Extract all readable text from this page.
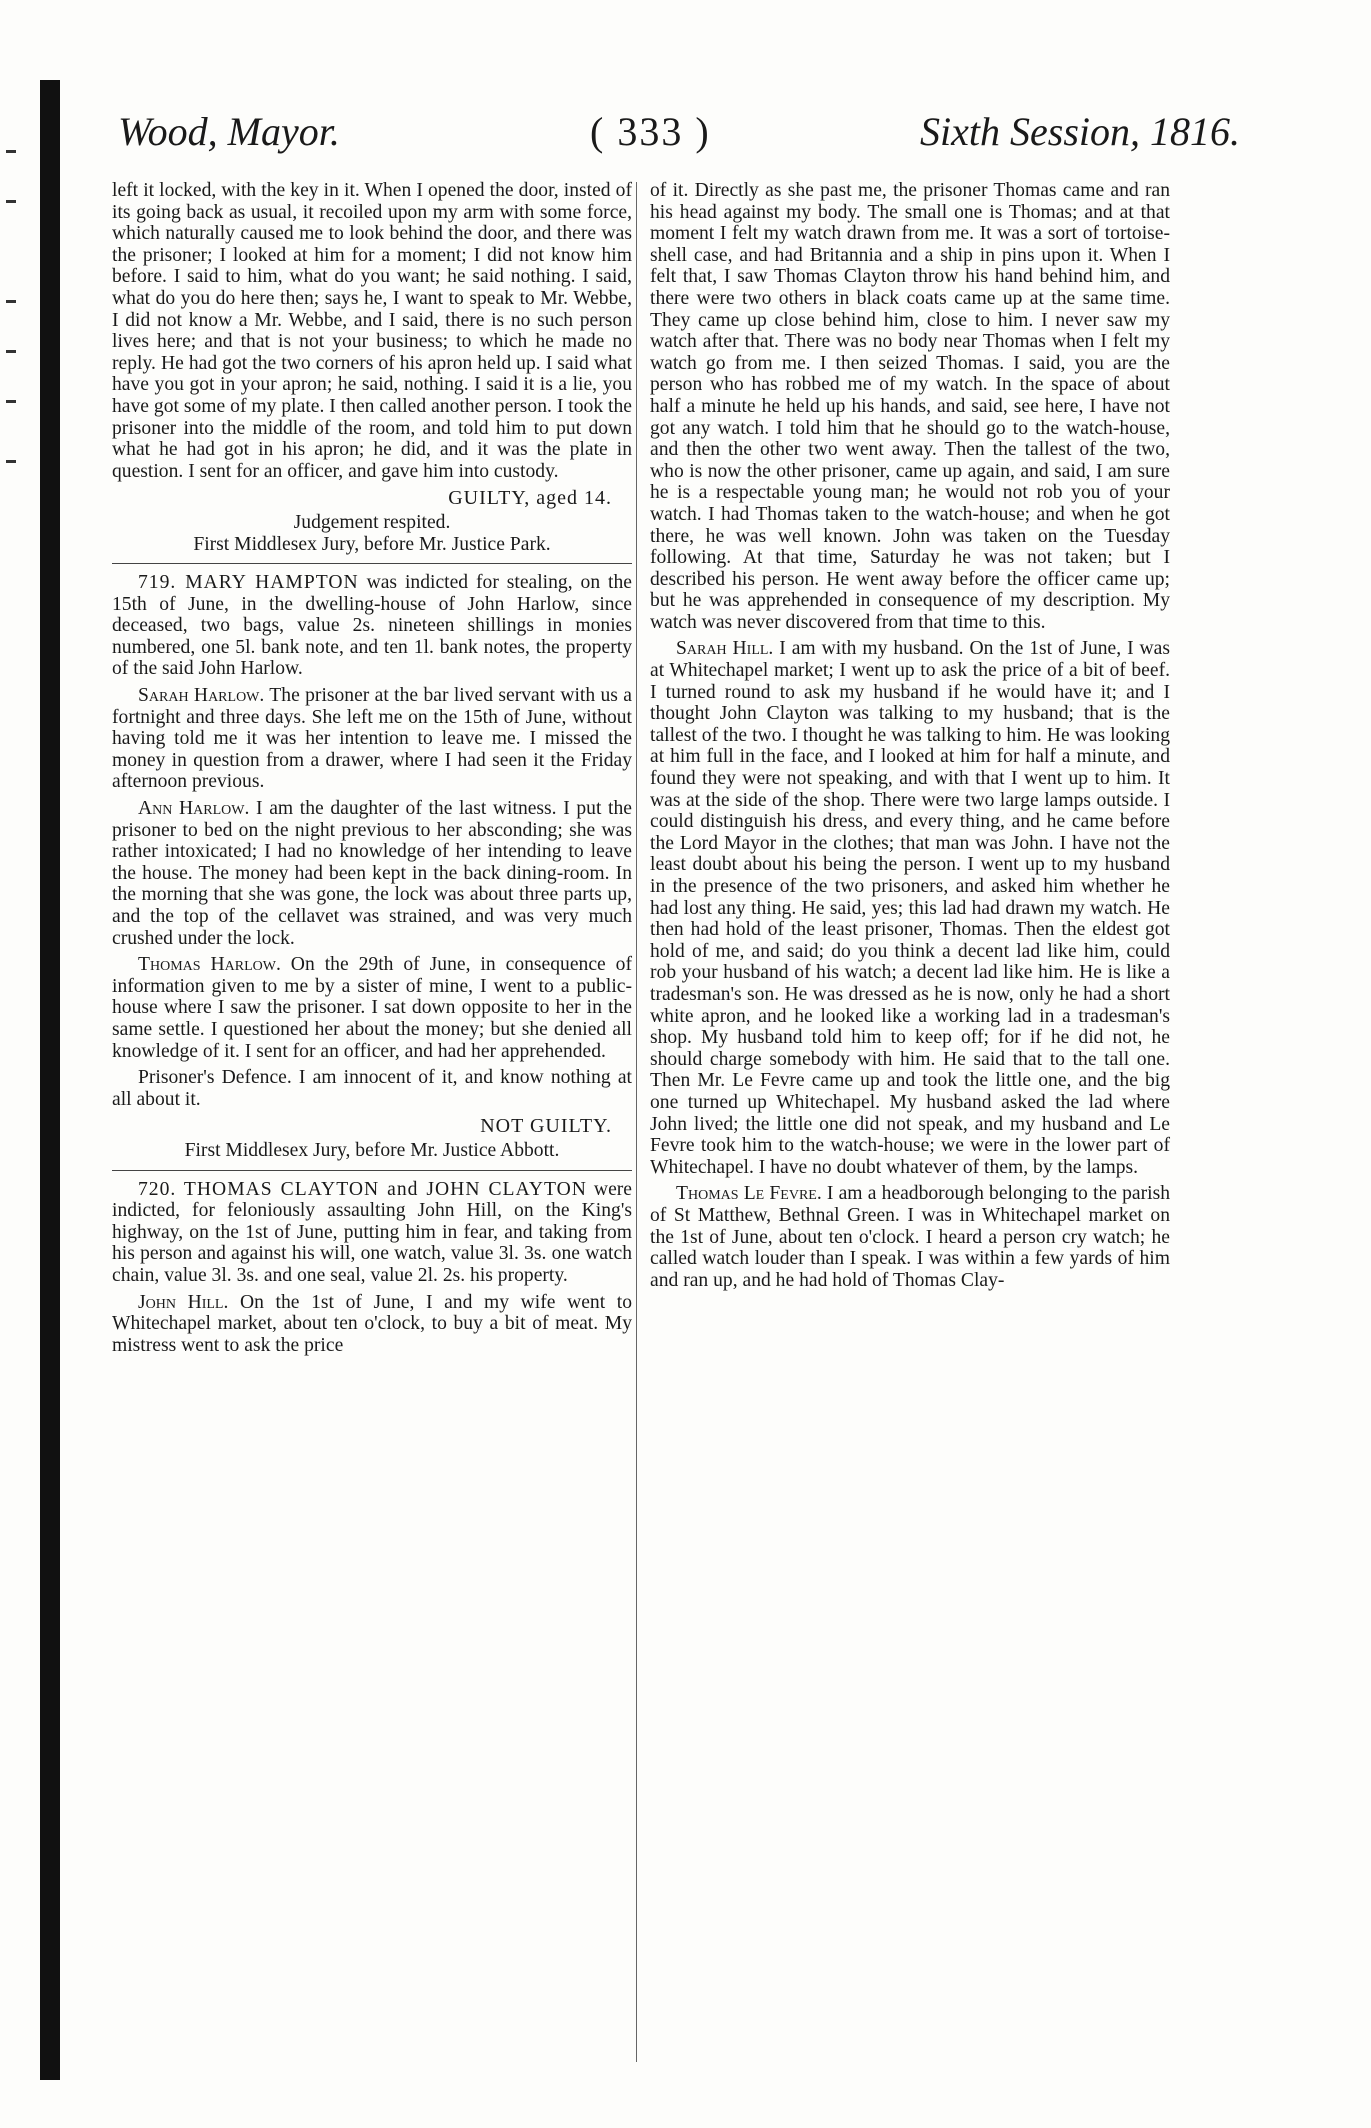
Wood, Mayor.	( 333 )	Sixth Session, 1816.

left it locked, with the key in it. When I opened the door, insted of its going back as usual, it recoiled upon my arm with some force, which naturally caused me to look behind the door, and there was the prisoner; I looked at him for a moment; I did not know him before. I said to him, what do you want; he said nothing. I said, what do you do here then; says he, I want to speak to Mr. Webbe, I did not know a Mr. Webbe, and I said, there is no such person lives here; and that is not your business; to which he made no reply. He had got the two corners of his apron held up. I said what have you got in your apron; he said, nothing. I said it is a lie, you have got some of my plate. I then called another person. I took the prisoner into the middle of the room, and told him to put down what he had got in his apron; he did, and it was the plate in question. I sent for an officer, and gave him into custody.

GUILTY, aged 14.

Judgement respited.

First Middlesex Jury, before Mr. Justice Park.

719. MARY HAMPTON was indicted for stealing, on the 15th of June, in the dwelling-house of John Harlow, since deceased, two bags, value 2s. nineteen shillings in monies numbered, one 5l. bank note, and ten 1l. bank notes, the property of the said John Harlow.

Sarah Harlow. The prisoner at the bar lived servant with us a fortnight and three days. She left me on the 15th of June, without having told me it was her intention to leave me. I missed the money in question from a drawer, where I had seen it the Friday afternoon previous.

Ann Harlow. I am the daughter of the last witness. I put the prisoner to bed on the night previous to her absconding; she was rather intoxicated; I had no knowledge of her intending to leave the house. The money had been kept in the back dining-room. In the morning that she was gone, the lock was about three parts up, and the top of the cellavet was strained, and was very much crushed under the lock.

Thomas Harlow. On the 29th of June, in consequence of information given to me by a sister of mine, I went to a public-house where I saw the prisoner. I sat down opposite to her in the same settle. I questioned her about the money; but she denied all knowledge of it. I sent for an officer, and had her apprehended.

Prisoner's Defence. I am innocent of it, and know nothing at all about it.

NOT GUILTY.

First Middlesex Jury, before Mr. Justice Abbott.

720. THOMAS CLAYTON and JOHN CLAYTON were indicted, for feloniously assaulting John Hill, on the King's highway, on the 1st of June, putting him in fear, and taking from his person and against his will, one watch, value 3l. 3s. one watch chain, value 3l. 3s. and one seal, value 2l. 2s. his property.

John Hill. On the 1st of June, I and my wife went to Whitechapel market, about ten o'clock, to buy a bit of meat. My mistress went to ask the price

of it. Directly as she past me, the prisoner Thomas came and ran his head against my body. The small one is Thomas; and at that moment I felt my watch drawn from me. It was a sort of tortoise-shell case, and had Britannia and a ship in pins upon it. When I felt that, I saw Thomas Clayton throw his hand behind him, and there were two others in black coats came up at the same time. They came up close behind him, close to him. I never saw my watch after that. There was no body near Thomas when I felt my watch go from me. I then seized Thomas. I said, you are the person who has robbed me of my watch. In the space of about half a minute he held up his hands, and said, see here, I have not got any watch. I told him that he should go to the watch-house, and then the other two went away. Then the tallest of the two, who is now the other prisoner, came up again, and said, I am sure he is a respectable young man; he would not rob you of your watch. I had Thomas taken to the watch-house; and when he got there, he was well known. John was taken on the Tuesday following. At that time, Saturday he was not taken; but I described his person. He went away before the officer came up; but he was apprehended in consequence of my description. My watch was never discovered from that time to this.

Sarah Hill. I am with my husband. On the 1st of June, I was at Whitechapel market; I went up to ask the price of a bit of beef. I turned round to ask my husband if he would have it; and I thought John Clayton was talking to my husband; that is the tallest of the two. I thought he was talking to him. He was looking at him full in the face, and I looked at him for half a minute, and found they were not speaking, and with that I went up to him. It was at the side of the shop. There were two large lamps outside. I could distinguish his dress, and every thing, and he came before the Lord Mayor in the clothes; that man was John. I have not the least doubt about his being the person. I went up to my husband in the presence of the two prisoners, and asked him whether he had lost any thing. He said, yes; this lad had drawn my watch. He then had hold of the least prisoner, Thomas. Then the eldest got hold of me, and said; do you think a decent lad like him, could rob your husband of his watch; a decent lad like him. He is like a tradesman's son. He was dressed as he is now, only he had a short white apron, and he looked like a working lad in a tradesman's shop. My husband told him to keep off; for if he did not, he should charge somebody with him. He said that to the tall one. Then Mr. Le Fevre came up and took the little one, and the big one turned up Whitechapel. My husband asked the lad where John lived; the little one did not speak, and my husband and Le Fevre took him to the watch-house; we were in the lower part of Whitechapel. I have no doubt whatever of them, by the lamps.

Thomas Le Fevre. I am a headborough belonging to the parish of St Matthew, Bethnal Green. I was in Whitechapel market on the 1st of June, about ten o'clock. I heard a person cry watch; he called watch louder than I speak. I was within a few yards of him and ran up, and he had hold of Thomas Clay-
